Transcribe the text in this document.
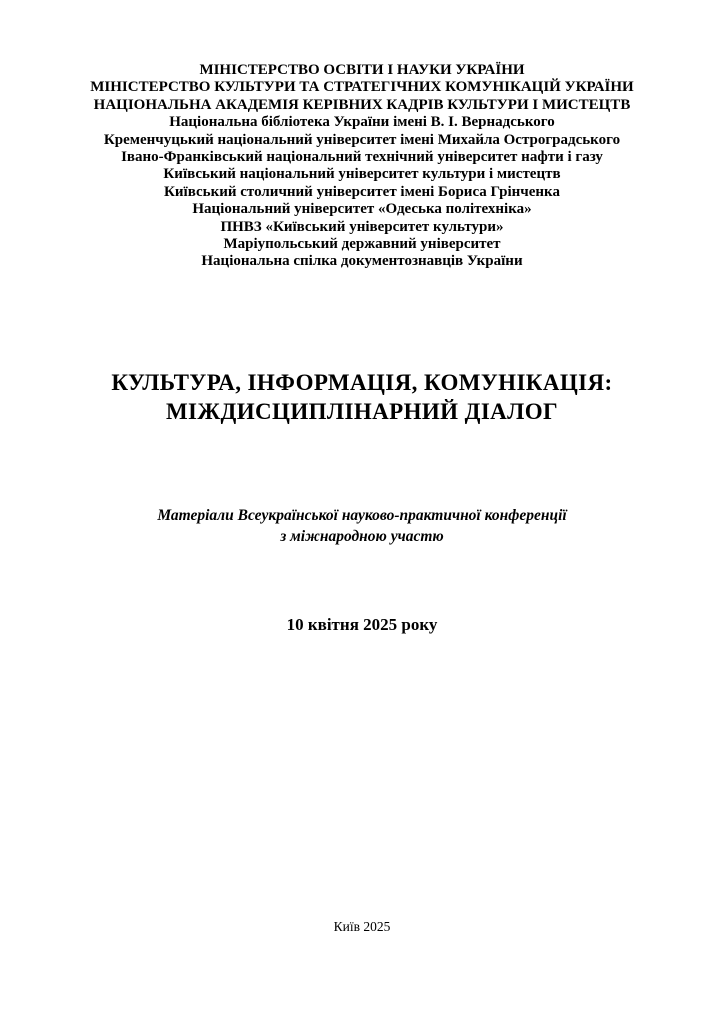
МІНІСТЕРСТВО ОСВІТИ І НАУКИ УКРАЇНИ
МІНІСТЕРСТВО КУЛЬТУРИ ТА СТРАТЕГІЧНИХ КОМУНІКАЦІЙ УКРАЇНИ
НАЦІОНАЛЬНА АКАДЕМІЯ КЕРІВНИХ КАДРІВ КУЛЬТУРИ І МИСТЕЦТВ
Національна бібліотека України імені В. І. Вернадського
Кременчуцький національний університет імені Михайла Остроградського
Івано-Франківський національний технічний університет нафти і газу
Київський національний університет культури і мистецтв
Київський столичний університет імені Бориса Грінченка
Національний університет «Одеська політехніка»
ПНВЗ «Київський університет культури»
Маріупольський державний університет
Національна спілка документознавців України
КУЛЬТУРА, ІНФОРМАЦІЯ, КОМУНІКАЦІЯ:
МІЖДИСЦИПЛІНАРНИЙ ДІАЛОГ
Матеріали Всеукраїнської науково-практичної конференції
з міжнародною участю
10 квітня 2025 року
Київ 2025
